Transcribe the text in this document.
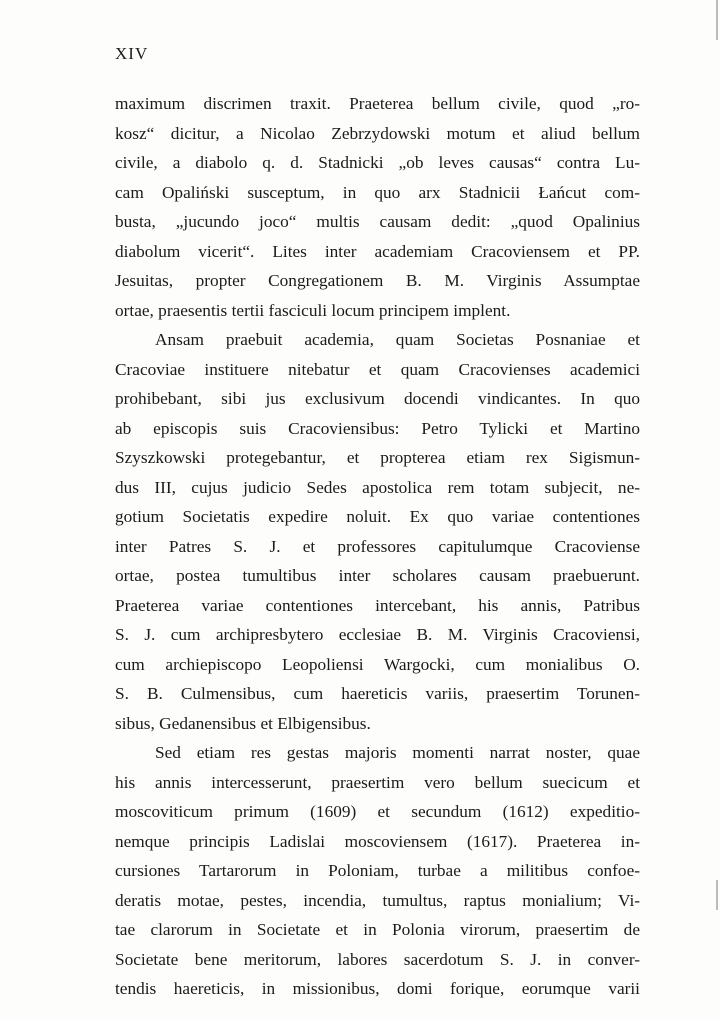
XIV
maximum discrimen traxit. Praeterea bellum civile, quod „ro-
kosz“ dicitur, a Nicolao Zebrzydowski motum et aliud bellum
civile, a diabolo q. d. Stadnicki „ob leves causas“ contra Lu-
cam Opaliński susceptum, in quo arx Stadnicii Łańcut com-
busta, „jucundo joco“ multis causam dedit: „quod Opalinius
diabolum vicerit“. Lites inter academiam Cracoviensem et PP.
Jesuitas, propter Congregationem B. M. Virginis Assumptae
ortae, praesentis tertii fasciculi locum principem implent.
Ansam praebuit academia, quam Societas Posnaniae et
Cracoviae instituere nitebatur et quam Cracovienses academici
prohibebant, sibi jus exclusivum docendi vindicantes. In quo
ab episcopis suis Cracoviensibus: Petro Tylicki et Martino
Szyszkowski protegebantur, et propterea etiam rex Sigismun-
dus III, cujus judicio Sedes apostolica rem totam subjecit, ne-
gotium Societatis expedire noluit. Ex quo variae contentiones
inter Patres S. J. et professores capitulumque Cracoviense
ortae, postea tumultibus inter scholares causam praebuerunt.
Praeterea variae contentiones intercebant, his annis, Patribus
S. J. cum archipresbytero ecclesiae B. M. Virginis Cracoviensi,
cum archiepiscopo Leopoliensi Wargocki, cum monialibus O.
S. B. Culmensibus, cum haereticis variis, praesertim Torunen-
sibus, Gedanensibus et Elbigensibus.
Sed etiam res gestas majoris momenti narrat noster, quae
his annis intercesserunt, praesertim vero bellum suecicum et
moscoviticum primum (1609) et secundum (1612) expeditio-
nemque principis Ladislai moscoviensem (1617). Praeterea in-
cursiones Tartarorum in Poloniam, turbae a militibus confoe-
deratis motae, pestes, incendia, tumultus, raptus monialium; Vi-
tae clarorum in Societate et in Polonia virorum, praesertim de
Societate bene meritorum, labores sacerdotum S. J. in conver-
tendis haereticis, in missionibus, domi forique, eorumque varii
